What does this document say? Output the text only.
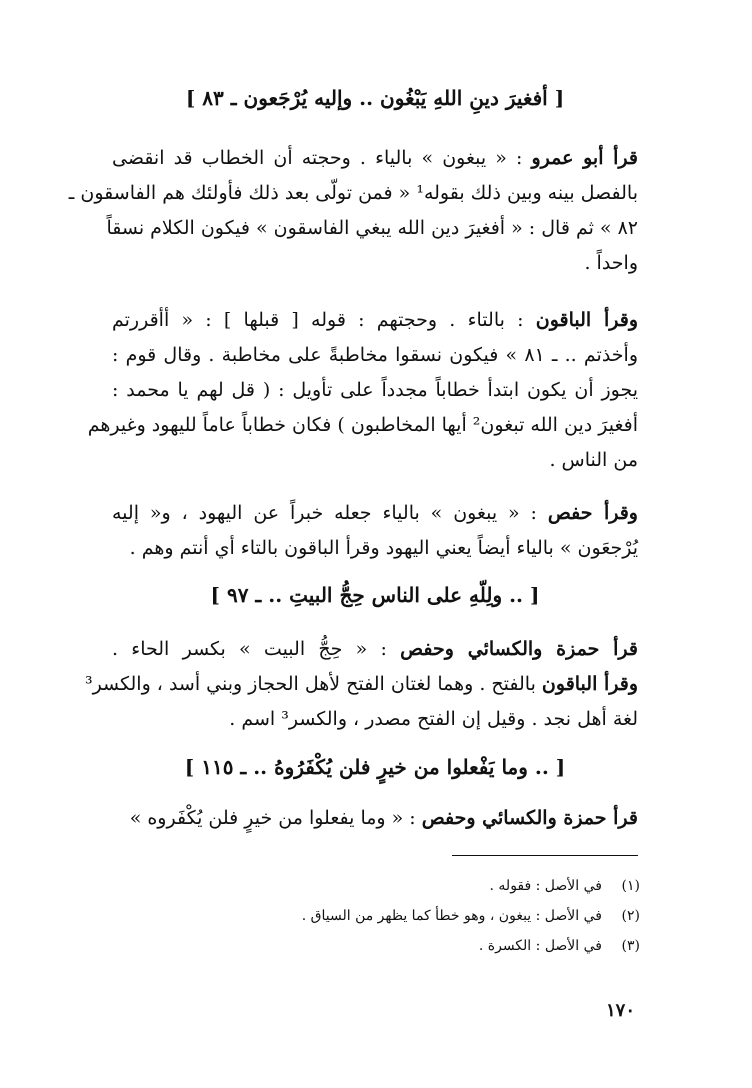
[ أفغيرَ دينِ اللهِ يَبْغُون .. وإليه يُرْجَعون ـ ٨٣ ]
قرأ أبو عمرو : « يبغون » بالياء . وحجته أن الخطاب قد انقضى
بالفصل بينه وبين ذلك بقوله¹ « فمن تولّى بعد ذلك فأولئك هم الفاسقون ـ
٨٢ » ثم قال : « أفغيرَ دين الله يبغي الفاسقون » فيكون الكلام نسقاً
واحداً .
وقرأ الباقون : بالتاء . وحجتهم : قوله [ قبلها ] : « أأقررتم
وأخذتم .. ـ ٨١ » فيكون نسقوا مخاطبةً على مخاطبة . وقال قوم :
يجوز أن يكون ابتدأ خطاباً مجدداً على تأويل : ( قل لهم يا محمد :
أفغيرَ دين الله تبغون² أيها المخاطبون ) فكان خطاباً عاماً لليهود وغيرهم
من الناس .
وقرأ حفص : « يبغون » بالياء جعله خبراً عن اليهود ، و« إليه
يُرْجعَون » بالياء أيضاً يعني اليهود وقرأ الباقون بالتاء أي أنتم وهم .
[ .. ولِلّهِ على الناس حِجُّ البيتِ .. ـ ٩٧ ]
قرأ حمزة والكسائي وحفص : « حِجُّ البيت » بكسر الحاء .
وقرأ الباقون بالفتح . وهما لغتان الفتح لأهل الحجاز وبني أسد ، والكسر³
لغة أهل نجد . وقيل إن الفتح مصدر ، والكسر³ اسم .
[ .. وما يَفْعلوا من خيرٍ فلن يُكْفَرُوهُ .. ـ ١١٥ ]
قرأ حمزة والكسائي وحفص : « وما يفعلوا من خيرٍ فلن يُكْفَروه »
(١)في الأصل : فقوله .
(٢)في الأصل : يبغون ، وهو خطأ كما يظهر من السياق .
(٣)في الأصل : الكسرة .
١٧٠
